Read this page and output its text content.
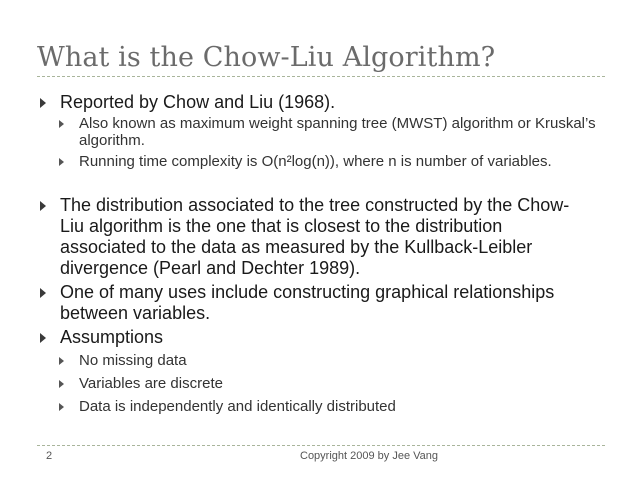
What is the Chow-Liu Algorithm?
Reported by Chow and Liu (1968).
Also known as maximum weight spanning tree (MWST) algorithm or Kruskal’s algorithm.
Running time complexity is O(n²log(n)), where n is number of variables.
The distribution associated to the tree constructed by the Chow-Liu algorithm is the one that is closest to the distribution associated to the data as measured by the Kullback-Leibler divergence (Pearl and Dechter 1989).
One of many uses include constructing graphical relationships between variables.
Assumptions
No missing data
Variables are discrete
Data is independently and identically distributed
2	Copyright 2009 by Jee Vang
